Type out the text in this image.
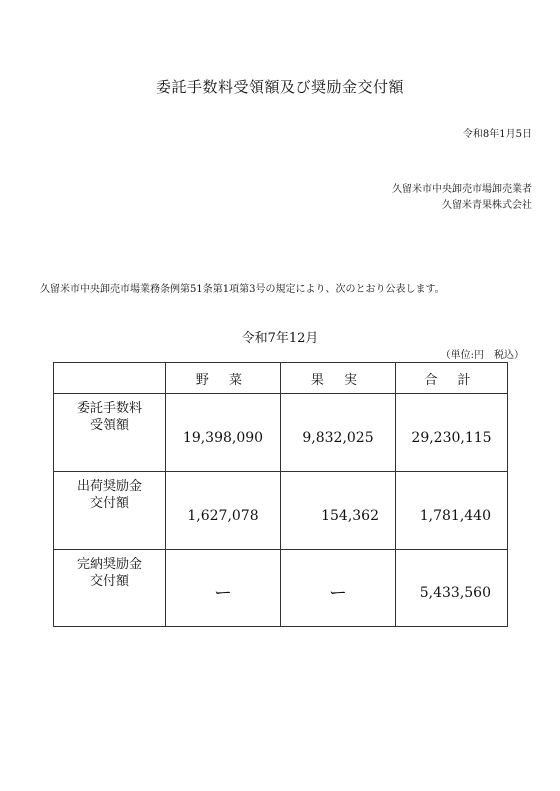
委託手数料受領額及び奨励金交付額
令和8年1月5日
久留米市中央卸売市場卸売業者
久留米青果株式会社
久留米市中央卸売市場業務条例第51条第1項第3号の規定により、次のとおり公表します。
令和7年12月
（単位:円　税込）
	野 菜	果 実	合 計

委託手数料
受領額	19,398,090	9,832,025	29,230,115

出荷奨励金
交付額	1,627,078	154,362	1,781,440

完納奨励金
交付額	ー	ー	5,433,560
